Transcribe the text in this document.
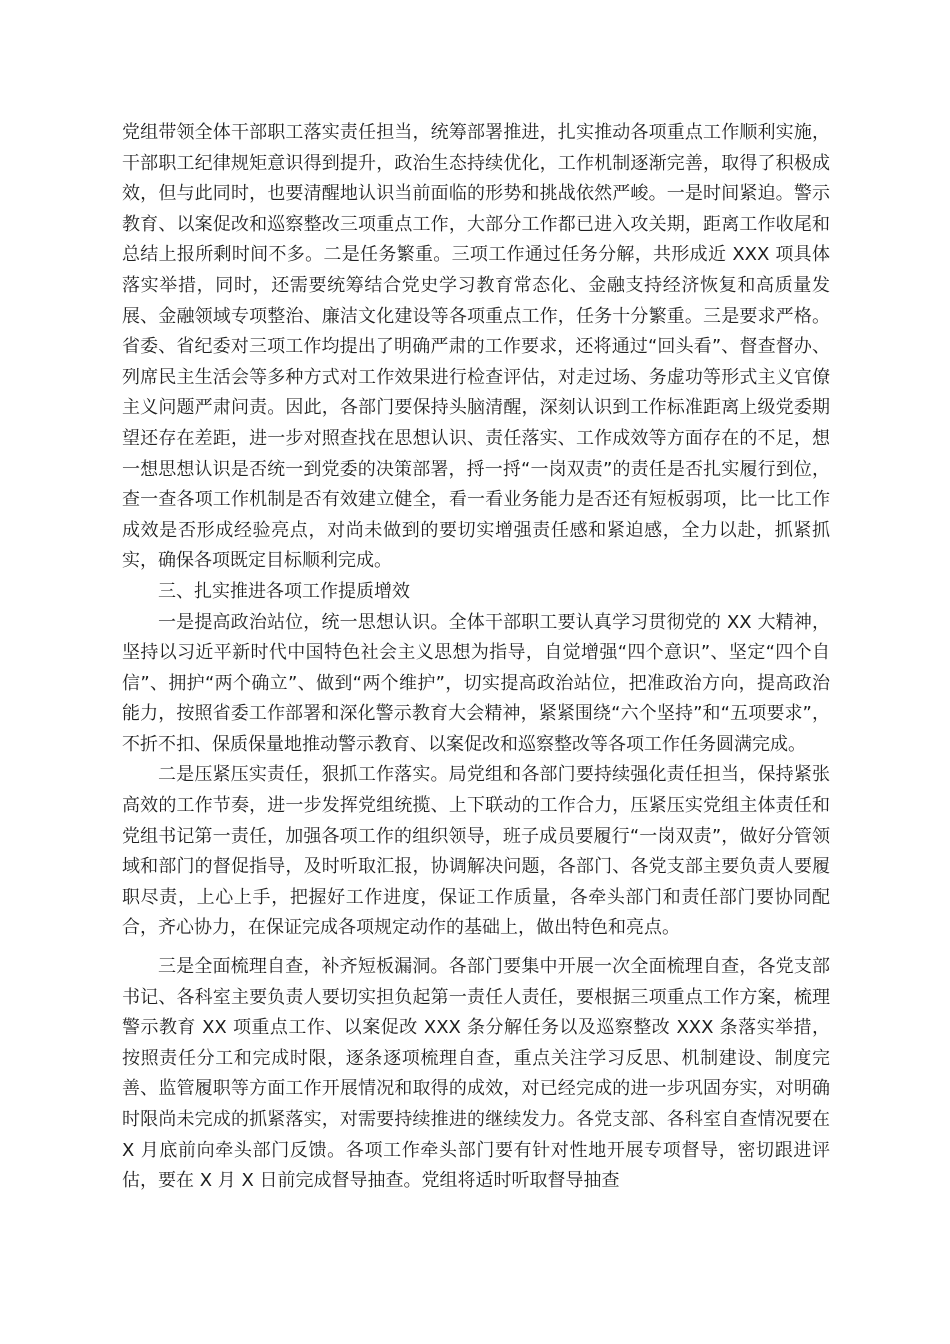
党组带领全体干部职工落实责任担当，统筹部署推进，扎实推动各项重点工作顺利实施，干部职工纪律规矩意识得到提升，政治生态持续优化，工作机制逐渐完善，取得了积极成效，但与此同时，也要清醒地认识当前面临的形势和挑战依然严峻。一是时间紧迫。警示教育、以案促改和巡察整改三项重点工作，大部分工作都已进入攻关期，距离工作收尾和总结上报所剩时间不多。二是任务繁重。三项工作通过任务分解，共形成近 XXX 项具体落实举措，同时，还需要统筹结合党史学习教育常态化、金融支持经济恢复和高质量发展、金融领域专项整治、廉洁文化建设等各项重点工作，任务十分繁重。三是要求严格。省委、省纪委对三项工作均提出了明确严肃的工作要求，还将通过“回头看”、督查督办、列席民主生活会等多种方式对工作效果进行检查评估，对走过场、务虚功等形式主义官僚主义问题严肃问责。因此，各部门要保持头脑清醒，深刻认识到工作标准距离上级党委期望还存在差距，进一步对照查找在思想认识、责任落实、工作成效等方面存在的不足，想一想思想认识是否统一到党委的决策部署，捋一捋“一岗双责”的责任是否扎实履行到位，查一查各项工作机制是否有效建立健全，看一看业务能力是否还有短板弱项，比一比工作成效是否形成经验亮点，对尚未做到的要切实增强责任感和紧迫感，全力以赴，抓紧抓实，确保各项既定目标顺利完成。

三、扎实推进各项工作提质增效

一是提高政治站位，统一思想认识。全体干部职工要认真学习贯彻党的 XX 大精神，坚持以习近平新时代中国特色社会主义思想为指导，自觉增强“四个意识”、坚定“四个自信”、拥护“两个确立”、做到“两个维护”，切实提高政治站位，把准政治方向，提高政治能力，按照省委工作部署和深化警示教育大会精神，紧紧围绕“六个坚持”和“五项要求”，不折不扣、保质保量地推动警示教育、以案促改和巡察整改等各项工作任务圆满完成。

二是压紧压实责任，狠抓工作落实。局党组和各部门要持续强化责任担当，保持紧张高效的工作节奏，进一步发挥党组统揽、上下联动的工作合力，压紧压实党组主体责任和党组书记第一责任，加强各项工作的组织领导，班子成员要履行“一岗双责”，做好分管领域和部门的督促指导，及时听取汇报，协调解决问题，各部门、各党支部主要负责人要履职尽责，上心上手，把握好工作进度，保证工作质量，各牵头部门和责任部门要协同配合，齐心协力，在保证完成各项规定动作的基础上，做出特色和亮点。

三是全面梳理自查，补齐短板漏洞。各部门要集中开展一次全面梳理自查，各党支部书记、各科室主要负责人要切实担负起第一责任人责任，要根据三项重点工作方案，梳理警示教育 XX 项重点工作、以案促改 XXX 条分解任务以及巡察整改 XXX 条落实举措，按照责任分工和完成时限，逐条逐项梳理自查，重点关注学习反思、机制建设、制度完善、监管履职等方面工作开展情况和取得的成效，对已经完成的进一步巩固夯实，对明确时限尚未完成的抓紧落实，对需要持续推进的继续发力。各党支部、各科室自查情况要在 X 月底前向牵头部门反馈。各项工作牵头部门要有针对性地开展专项督导，密切跟进评估，要在 X 月 X 日前完成督导抽查。党组将适时听取督导抽查
